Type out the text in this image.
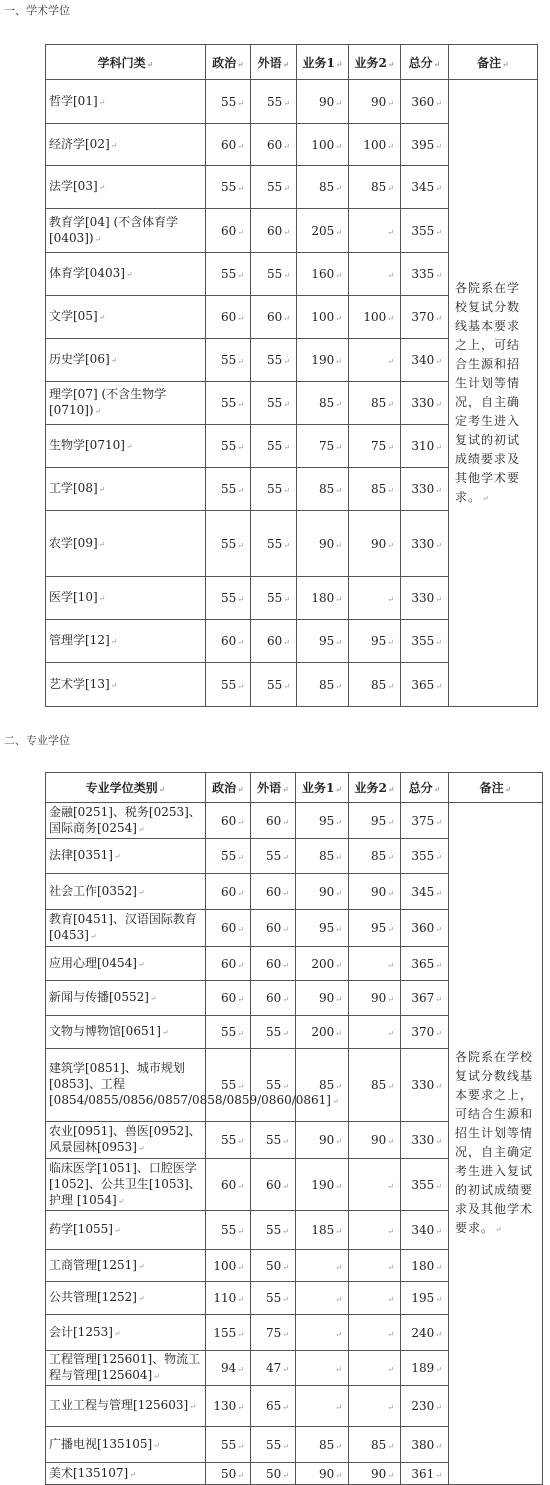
一、学术学位
学科门类↵	政治↵	外语↵	业务1↵	业务2↵	总分↵	备注↵
哲学[01]↵	55↵	55↵	90↵	90↵	360↵	各院系在学校复试分数线基本要求之上，可结合生源和招生计划等情况，自主确定考生进入复试的初试成绩要求及其他学术要求。↵
经济学[02]↵	60↵	60↵	100↵	100↵	395↵	
法学[03]↵	55↵	55↵	85↵	85↵	345↵	
教育学[04] (不含体育学[0403])↵	60↵	60↵	205↵	↵	355↵	
体育学[0403]↵	55↵	55↵	160↵	↵	335↵	
文学[05]↵	60↵	60↵	100↵	100↵	370↵	
历史学[06]↵	55↵	55↵	190↵	↵	340↵	
理学[07] (不含生物学[0710])↵	55↵	55↵	85↵	85↵	330↵	
生物学[0710]↵	55↵	55↵	75↵	75↵	310↵	
工学[08]↵	55↵	55↵	85↵	85↵	330↵	
农学[09]↵	55↵	55↵	90↵	90↵	330↵	
医学[10]↵	55↵	55↵	180↵	↵	330↵	
管理学[12]↵	60↵	60↵	95↵	95↵	355↵	
艺术学[13]↵	55↵	55↵	85↵	85↵	365↵	
二、专业学位
专业学位类别↵	政治↵	外语↵	业务1↵	业务2↵	总分↵	备注↵
金融[0251]、税务[0253]、国际商务[0254]↵	60↵	60↵	95↵	95↵	375↵	各院系在学校复试分数线基本要求之上，可结合生源和招生计划等情况，自主确定考生进入复试的初试成绩要求及其他学术要求。↵
法律[0351]↵	55↵	55↵	85↵	85↵	355↵	
社会工作[0352]↵	60↵	60↵	90↵	90↵	345↵	
教育[0451]、汉语国际教育[0453]↵	60↵	60↵	95↵	95↵	360↵	
应用心理[0454]↵	60↵	60↵	200↵	↵	365↵	
新闻与传播[0552]↵	60↵	60↵	90↵	90↵	367↵	
文物与博物馆[0651]↵	55↵	55↵	200↵	↵	370↵	
建筑学[0851]、城市规划[0853]、工程[0854/0855/0856/0857/0858/0859/0860/0861]↵	55↵	55↵	85↵	85↵	330↵	
农业[0951]、兽医[0952]、风景园林[0953]↵	55↵	55↵	90↵	90↵	330↵	
临床医学[1051]、口腔医学[1052]、公共卫生[1053]、护理 [1054]↵	60↵	60↵	190↵	↵	355↵	
药学[1055]↵	55↵	55↵	185↵	↵	340↵	
工商管理[1251]↵	100↵	50↵	↵	↵	180↵	
公共管理[1252]↵	110↵	55↵	↵	↵	195↵	
会计[1253]↵	155↵	75↵	↵	↵	240↵	
工程管理[125601]、物流工程与管理[125604]↵	94↵	47↵	↵	↵	189↵	
工业工程与管理[125603]↵	130↵	65↵	↵	↵	230↵	
广播电视[135105]↵	55↵	55↵	85↵	85↵	380↵	
美术[135107]↵	50↵	50↵	90↵	90↵	361↵	
